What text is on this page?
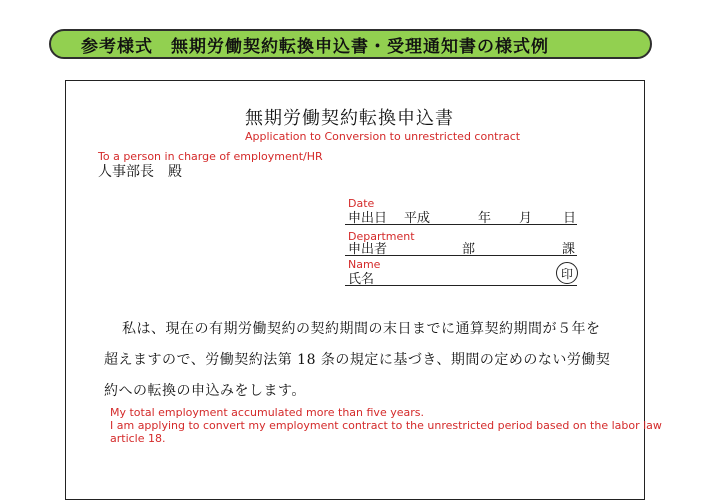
参考様式　無期労働契約転換申込書・受理通知書の様式例
無期労働契約転換申込書
Application to Conversion to unrestricted contract
To a person in charge of employment/HR
人事部長　殿
Date
申出日 平成	年 月 日
Department
申出者	部	課
Name
氏名	印
私は、現在の有期労働契約の契約期間の末日までに通算契約期間が５年を
超えますので、労働契約法第 18 条の規定に基づき、期間の定めのない労働契
約への転換の申込みをします。
My total employment accumulated more than five years.
I am applying to convert my employment contract to the unrestricted period based on the labor law
article 18.
